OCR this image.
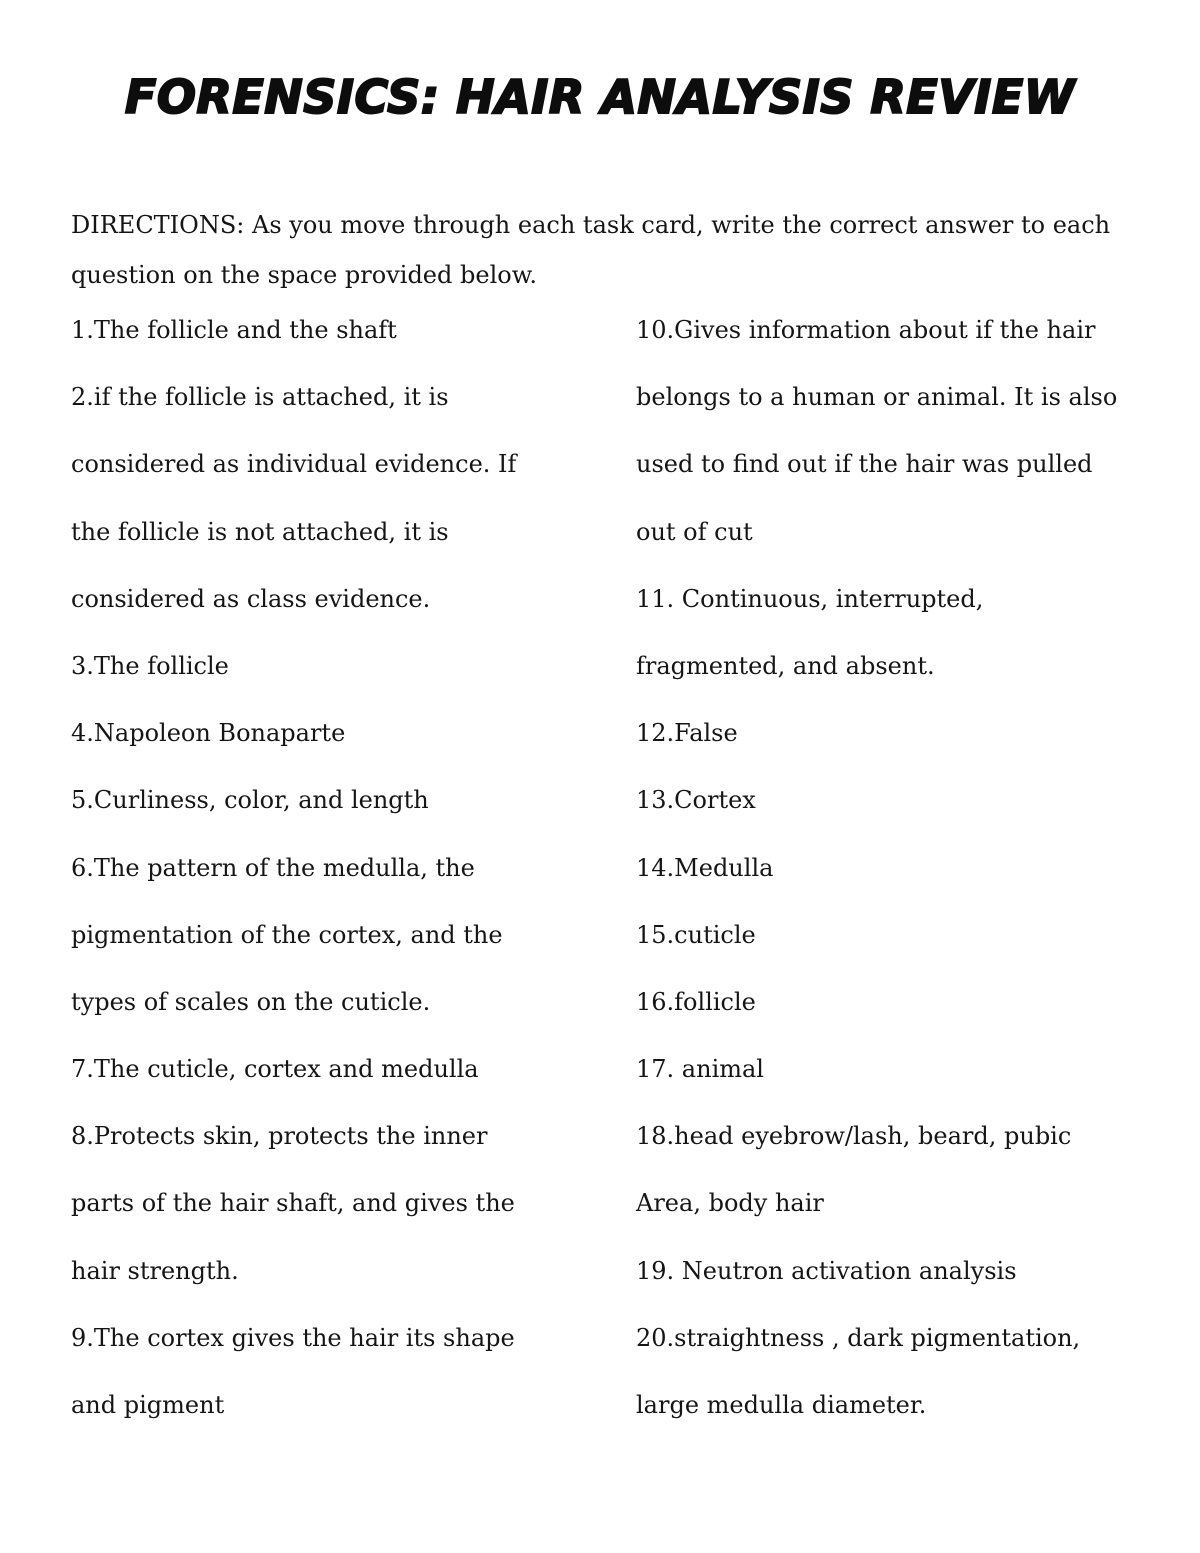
FORENSICS: HAIR ANALYSIS REVIEW
DIRECTIONS: As you move through each task card, write the correct answer to each question on the space provided below.
1.The follicle and the shaft
2.if the follicle is attached, it is
considered as individual evidence. If
the follicle is not attached, it is
considered as class evidence.
3.The follicle
4.Napoleon Bonaparte
5.Curliness, color, and length
6.The pattern of the medulla, the
pigmentation of the cortex, and the
types of scales on the cuticle.
7.The cuticle, cortex and medulla
8.Protects skin, protects the inner
parts of the hair shaft, and gives the
hair strength.
9.The cortex gives the hair its shape
and pigment
10.Gives information about if the hair
belongs to a human or animal. It is also
used to find out if the hair was pulled
out of cut
11. Continuous, interrupted,
fragmented, and absent.
12.False
13.Cortex
14.Medulla
15.cuticle
16.follicle
17. animal
18.head eyebrow/lash, beard, pubic
Area, body hair
19. Neutron activation analysis
20.straightness , dark pigmentation,
large medulla diameter.
